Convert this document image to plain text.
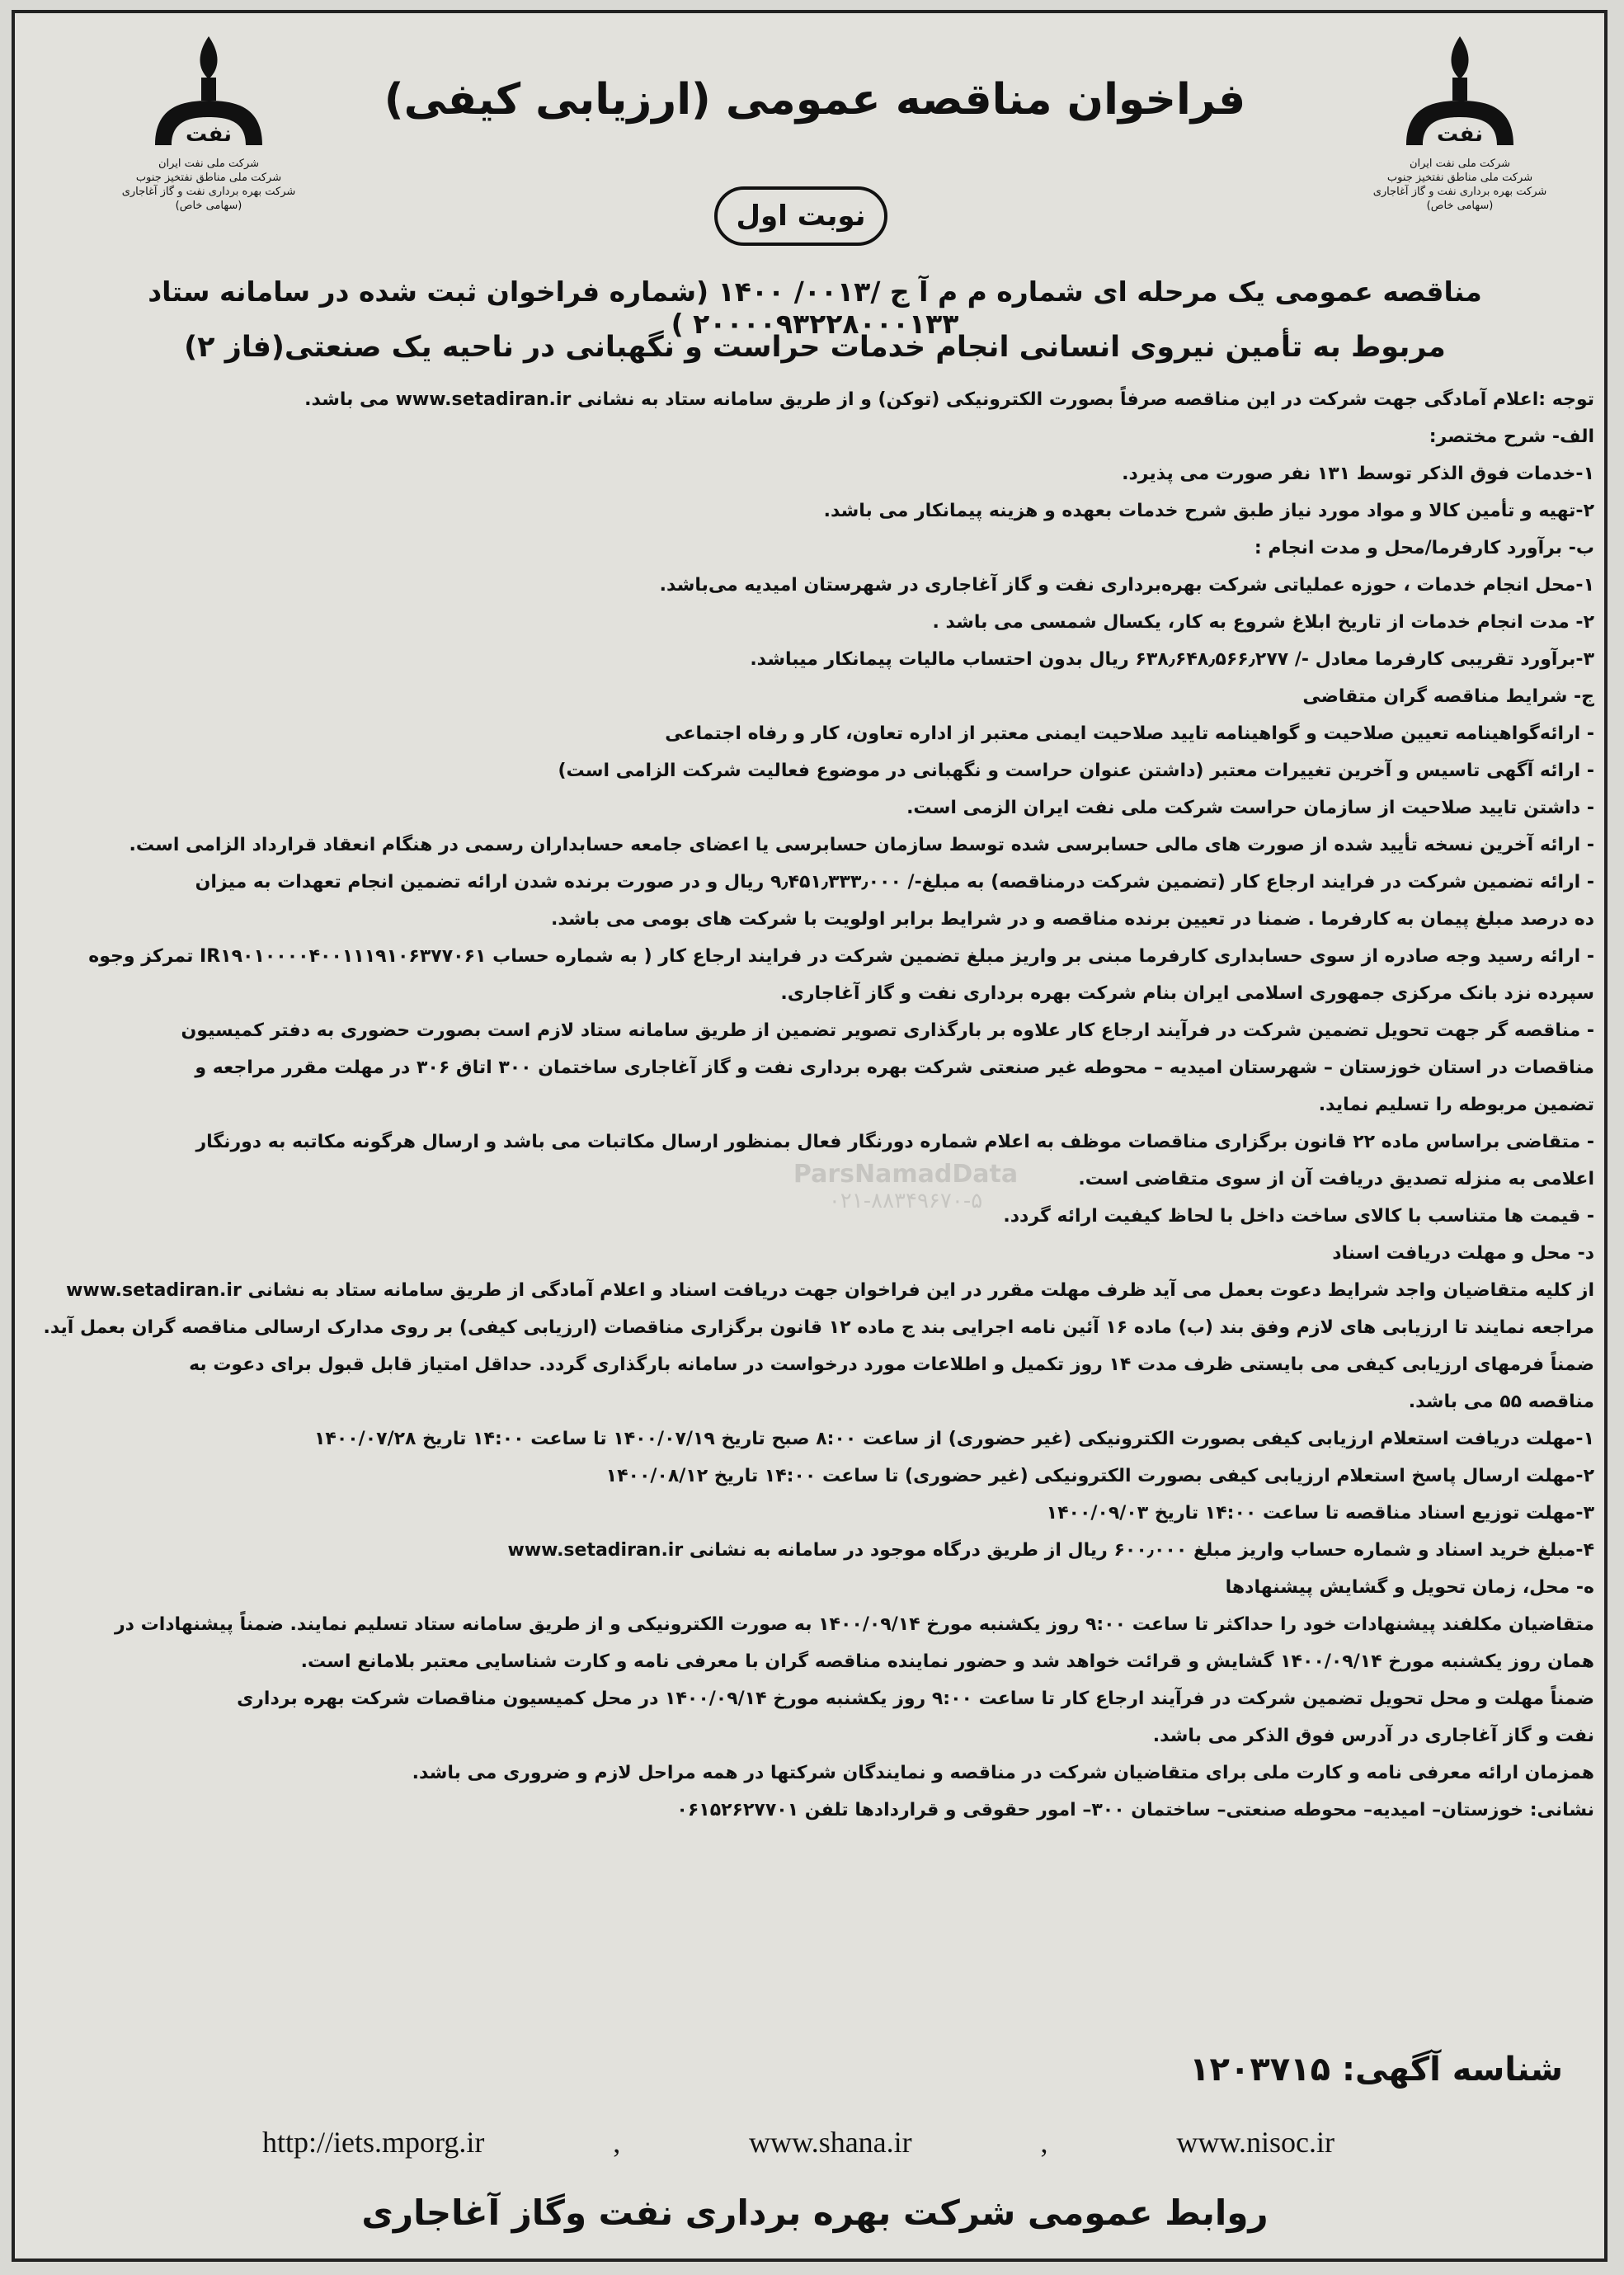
نفت
شرکت ملی نفت ایران
شرکت ملی مناطق نفتخیز جنوب
شرکت بهره برداری نفت و گاز آغاجاری (سهامی خاص)
نفت
شرکت ملی نفت ایران
شرکت ملی مناطق نفتخیز جنوب
شرکت بهره برداری نفت و گاز آغاجاری (سهامی خاص)
فراخوان مناقصه عمومی (ارزیابی کیفی)
نوبت اول
مناقصه عمومی یک مرحله ای شماره م م آ ج /۰۰۱۳/ ۱۴۰۰ (شماره فراخوان ثبت شده در سامانه ستاد ۲۰۰۰۰۹۳۲۲۸۰۰۰۱۳۳ )
مربوط به تأمین نیروی انسانی انجام خدمات حراست و نگهبانی در ناحیه یک صنعتی(فاز ۲)
ParsNamadData
۰۲۱-۸۸۳۴۹۶۷۰-۵
توجه :اعلام آمادگی جهت شرکت در این مناقصه صرفاً بصورت الکترونیکی (توکن) و از طریق سامانه ستاد به نشانی www.setadiran.ir می باشد.
الف- شرح مختصر:
۱-خدمات فوق الذکر توسط ۱۳۱ نفر صورت می پذیرد.
۲-تهیه و تأمین کالا و مواد مورد نیاز طبق شرح خدمات بعهده و هزینه پیمانکار می باشد.
ب- برآورد کارفرما/محل و مدت انجام :
۱-محل انجام خدمات ، حوزه عملیاتی شرکت بهره‌برداری نفت و گاز آغاجاری در شهرستان امیدیه می‌باشد.
۲- مدت انجام خدمات از تاریخ ابلاغ شروع به کار، یکسال شمسی می باشد .
۳-برآورد تقریبی کارفرما معادل -/ ۶۳۸٫۶۴۸٫۵۶۶٫۲۷۷ ریال بدون احتساب مالیات پیمانکار میباشد.
ج- شرایط مناقصه گران متقاضی
- ارائه‌گواهینامه تعیین صلاحیت و گواهینامه تایید صلاحیت ایمنی معتبر از اداره تعاون، کار و رفاه اجتماعی
- ارائه آگهی تاسیس و آخرین تغییرات معتبر (داشتن عنوان حراست و نگهبانی در موضوع فعالیت شرکت الزامی است)
- داشتن تایید صلاحیت از سازمان حراست شرکت ملی نفت ایران الزمی است.
- ارائه آخرین نسخه تأیید شده از صورت های مالی حسابرسی شده توسط سازمان حسابرسی یا اعضای جامعه حسابداران رسمی در هنگام انعقاد قرارداد الزامی است.
- ارائه تضمین شرکت در فرایند ارجاع کار (تضمین شرکت درمناقصه) به مبلغ-/ ۹٫۴۵۱٫۳۳۳٫۰۰۰ ریال و در صورت برنده شدن ارائه تضمین انجام تعهدات به میزان
ده درصد مبلغ پیمان به کارفرما . ضمنا در تعیین برنده مناقصه و در شرایط برابر اولویت با شرکت های بومی می باشد.
- ارائه رسید وجه صادره از سوی حسابداری کارفرما مبنی بر واریز مبلغ تضمین شرکت در فرایند ارجاع کار ( به شماره حساب IR۱۹۰۱۰۰۰۰۴۰۰۱۱۱۹۱۰۶۳۷۷۰۶۱ تمرکز وجوه
سپرده نزد بانک مرکزی جمهوری اسلامی ایران بنام شرکت بهره برداری نفت و گاز آغاجاری.
- مناقصه گر جهت تحویل تضمین شرکت در فرآیند ارجاع کار علاوه بر بارگذاری تصویر تضمین از طریق سامانه ستاد لازم است بصورت حضوری به دفتر کمیسیون
مناقصات در استان خوزستان – شهرستان امیدیه – محوطه غیر صنعتی شرکت بهره برداری نفت و گاز آغاجاری ساختمان ۳۰۰ اتاق ۳۰۶ در مهلت مقرر مراجعه و
تضمین مربوطه را تسلیم نماید.
- متقاضی براساس ماده ۲۲ قانون برگزاری مناقصات موظف به اعلام شماره دورنگار فعال بمنظور ارسال مکاتبات می باشد و ارسال هرگونه مکاتبه به دورنگار
اعلامی به منزله تصدیق دریافت آن از سوی متقاضی است.
- قیمت ها متناسب با کالای ساخت داخل با لحاظ کیفیت ارائه گردد.
د- محل و مهلت دریافت اسناد
از کلیه متقاضیان واجد شرایط دعوت بعمل می آید ظرف مهلت مقرر در این فراخوان جهت دریافت اسناد و اعلام آمادگی از طریق سامانه ستاد به نشانی www.setadiran.ir
مراجعه نمایند تا ارزیابی های لازم وفق بند (ب) ماده ۱۶ آئین نامه اجرایی بند ج ماده ۱۲ قانون برگزاری مناقصات (ارزیابی کیفی) بر روی مدارک ارسالی مناقصه گران بعمل آید.
ضمناً فرمهای ارزیابی کیفی می بایستی ظرف مدت ۱۴ روز تکمیل و اطلاعات مورد درخواست در سامانه بارگذاری گردد. حداقل امتیاز قابل قبول برای دعوت به
مناقصه ۵۵ می باشد.
۱-مهلت دریافت استعلام ارزیابی کیفی بصورت الکترونیکی (غیر حضوری) از ساعت ۸:۰۰ صبح تاریخ ۱۴۰۰/۰۷/۱۹ تا ساعت ۱۴:۰۰ تاریخ ۱۴۰۰/۰۷/۲۸
۲-مهلت ارسال پاسخ استعلام ارزیابی کیفی بصورت الکترونیکی (غیر حضوری) تا ساعت ۱۴:۰۰ تاریخ ۱۴۰۰/۰۸/۱۲
۳-مهلت توزیع اسناد مناقصه تا ساعت ۱۴:۰۰ تاریخ ۱۴۰۰/۰۹/۰۳
۴-مبلغ خرید اسناد و شماره حساب واریز مبلغ ۶۰۰٫۰۰۰ ریال از طریق درگاه موجود در سامانه به نشانی www.setadiran.ir
ه- محل، زمان تحویل و گشایش پیشنهادها
متقاضیان مکلفند پیشنهادات خود را حداکثر تا ساعت ۹:۰۰ روز یکشنبه مورخ ۱۴۰۰/۰۹/۱۴ به صورت الکترونیکی و از طریق سامانه ستاد تسلیم نمایند. ضمناً پیشنهادات در
همان روز یکشنبه مورخ ۱۴۰۰/۰۹/۱۴ گشایش و قرائت خواهد شد و حضور نماینده مناقصه گران با معرفی نامه و کارت شناسایی معتبر بلامانع است.
ضمناً مهلت و محل تحویل تضمین شرکت در فرآیند ارجاع کار تا ساعت ۹:۰۰ روز یکشنبه مورخ ۱۴۰۰/۰۹/۱۴ در محل کمیسیون مناقصات شرکت بهره برداری
نفت و گاز آغاجاری در آدرس فوق الذکر می باشد.
همزمان ارائه معرفی نامه و کارت ملی برای متقاضیان شرکت در مناقصه و نمایندگان شرکتها در همه مراحل لازم و ضروری می باشد.
نشانی: خوزستان– امیدیه– محوطه صنعتی– ساختمان ۳۰۰– امور حقوقی و قراردادها تلفن ۰۶۱۵۲۶۲۷۷۰۱
شناسه آگهی: ۱۲۰۳۷۱۵
http://iets.mporg.ir	,	www.shana.ir	,	www.nisoc.ir
روابط عمومی شرکت بهره برداری نفت وگاز آغاجاری
